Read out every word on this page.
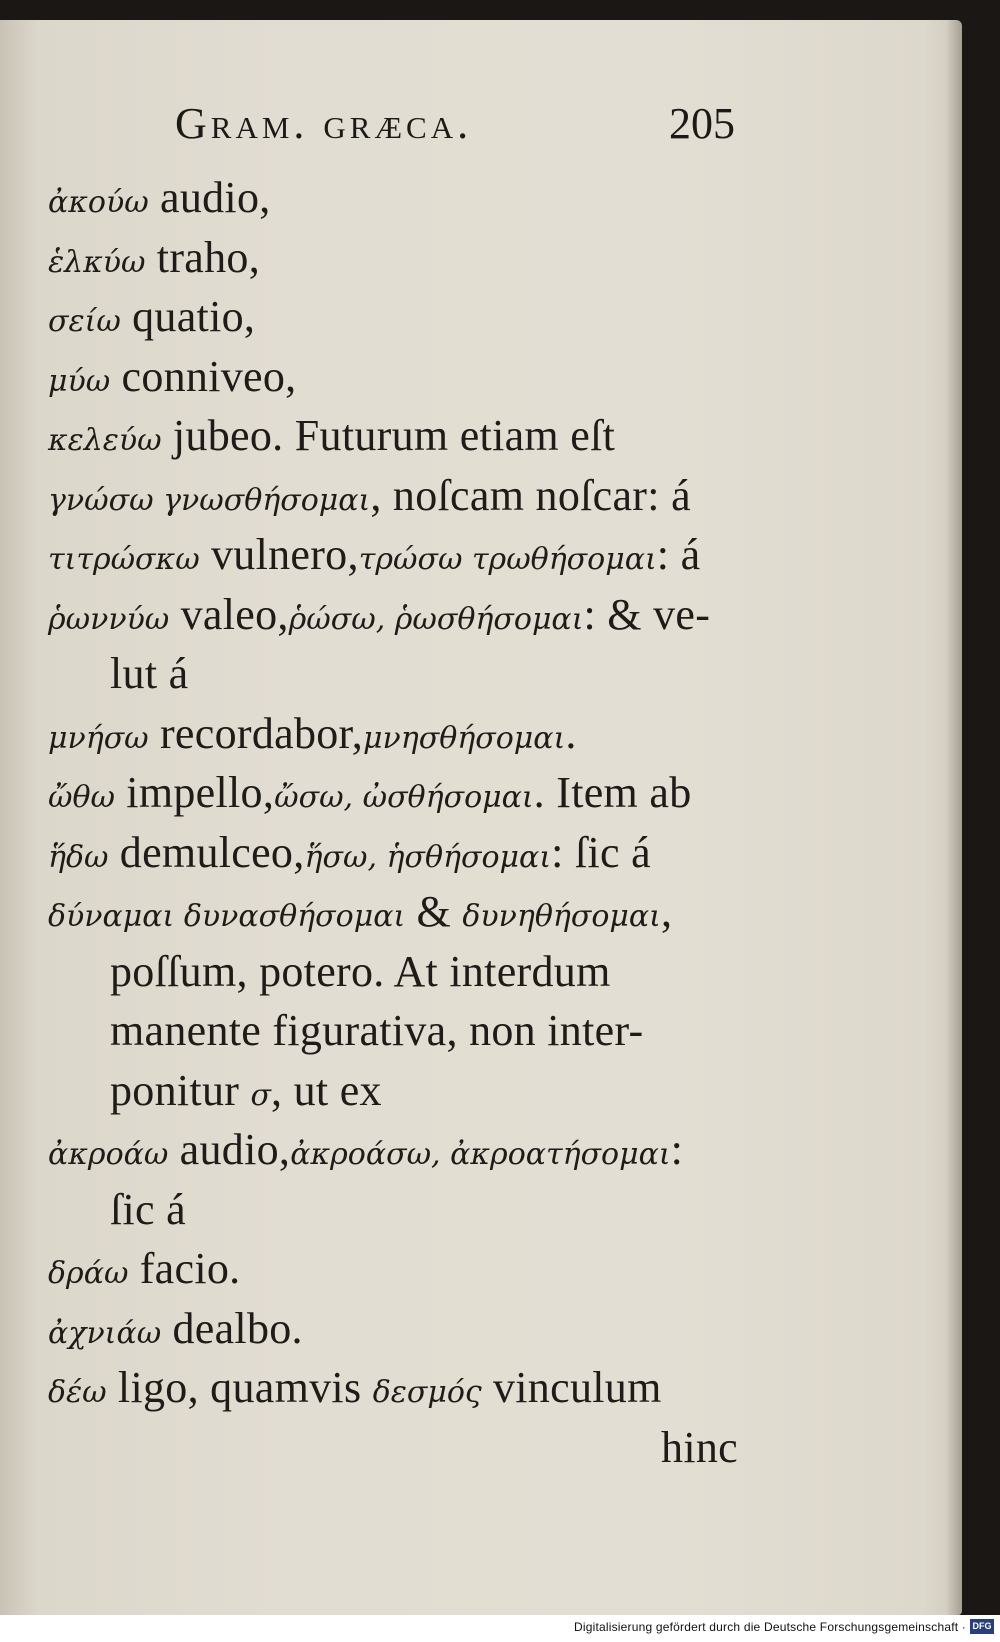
Gram. græca.	205
ἀκούω audio,
ἑλκύω traho,
σείω quatio,
μύω conniveo,
κελεύω jubeo. Futurum etiam eſt
γνώσω γνωσθήσομαι, noſcam noſcar: á
τιτρώσκω vulnero,τρώσω τρωθήσομαι: á
ῥωννύω valeo,ῥώσω, ῥωσθήσομαι: & ve-
lut á
μνήσω recordabor,μνησθήσομαι.
ὤθω impello,ὤσω, ὠσθήσομαι. Item ab
ἥδω demulceo,ἥσω, ἡσθήσομαι: ſic á
δύναμαι δυνασθήσομαι & δυνηθήσομαι,
poſſum, potero. At interdum
manente figurativa, non inter-
ponitur σ, ut ex
ἀκροάω audio,ἀκροάσω, ἀκροατήσομαι:
ſic á
δράω facio.
ἀχνιάω dealbo.
δέω ligo, quamvis δεσμός vinculum
hinc
Digitalisierung gefördert durch die Deutsche Forschungsgemeinschaft · DFG
